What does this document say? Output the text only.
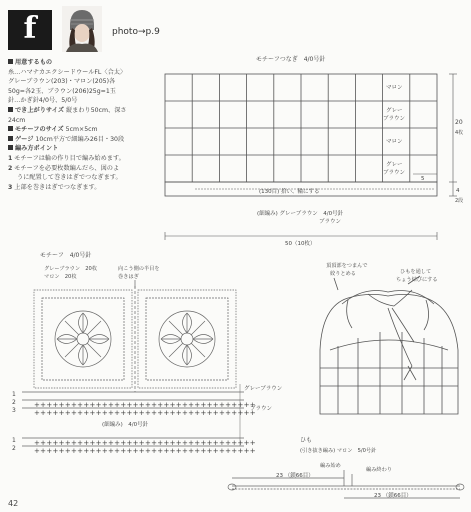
f	photo→p.9
用意するもの
糸…ハマナカエクシードウールFL〈合太〉
グレーブラウン(203)・マロン(205)各
50g=各2玉、ブラウン(206)25g=1玉
針…かぎ針4/0号、5/0号
でき上がりサイズ 縦まわり50cm、深さ
24cm
モチーフのサイズ 5cm×5cm
ゲージ 10cm平方で細編み26目・30段
編み方ポイント
1 モチーフは輪の作り目で編み始めます。
2 モチーフを必要枚数編んだら、図のよ
うに配置して巻きはぎでつなぎます。
3 上部を巻きはぎでつなぎます。
モチーフつなぎ　4/0号針
マロン
グレー
ブラウン
マロン
グレー
ブラウン
20
4枚
4
2段
5
(130目) 拾い、輪にする
(細編み) グレーブラウン　4/0号針
ブラウン
50（10枚）
モチーフ　4/0号針
グレーブラウン　20枚
マロン　20枚
向こう側の半目を
巻きはぎ
++++++++++++++++++++++++++++++++++++
++++++++++++++++++++++++++++++++++++
++++++++++++++++++++++++++++++++++++
++++++++++++++++++++++++++++++++++++
1
2
3
1
2
グレーブラウン
ブラウン
(細編み)　4/0号針
頂頂部をつまんで
絞りとめる	ひもを通して
ちょう結びにする
ひも
(引き抜き編み) マロン　5/0号針
編み始め
編み終わり
23 （鎖66目）
23 （鎖66目）
42
